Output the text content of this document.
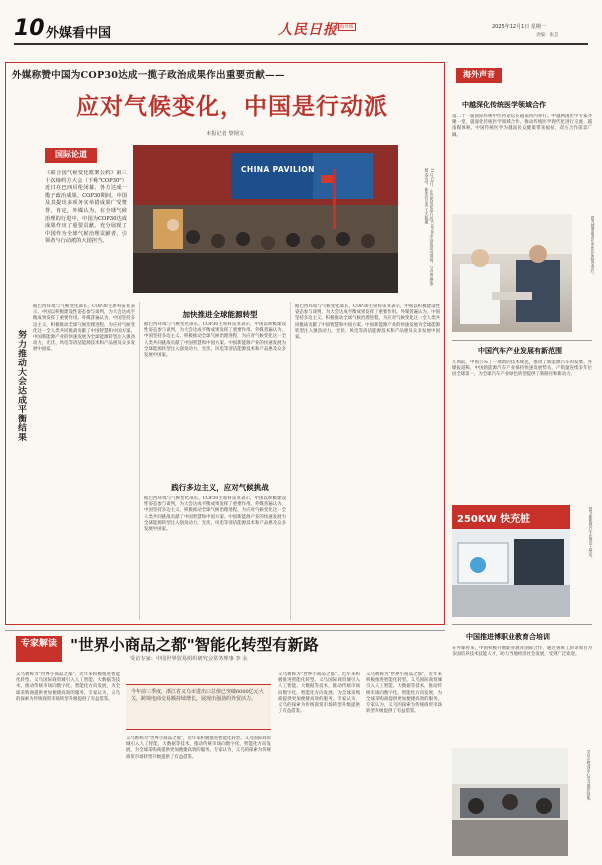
10 外媒看中国	人民日报 海外版	2025年12月1日 星期一
责编：张芸
外媒称赞中国为COP30达成一揽子政治成果作出重要贡献——
应对气候变化，中国是行动派
本报记者 黎钢文
国际论道
《联合国气候变化框架公约》第三十次缔约方大会（下称"COP30"）近日在巴西贝伦闭幕，各方达成一揽子政治成果。COP30期间，中国及其提出多项务实举措成果广受赞誉、肯定，外媒认为，在全球气候治理的行进中，中国为COP30达成成果作出了重要贡献，充分展现了中国作为全球气候治理贡献者、引领者与行动派的大国担当。
CHINA PAVILION	11月13日，在巴西贝伦举行的COP30中国角活动现场，与会者参加相关活动。新华社记者 王天聪摄
努力推动大会达成平衡结果
据巴西环境与气候变化部长、COP30主席科雷亚表示，中国以积极建设性姿态参与谈判，为大会达成平衡成果发挥了重要作用。外媒普遍认为，中国坚持多边主义，积极推动全球气候治理进程，为应对气候变化这一全人类共同挑战贡献了中国智慧和中国方案。中国新能源产业的快速发展为全球能源转型注入强劲动力，光伏、风电等清洁能源技术和产品惠及众多发展中国家。
加快推进全球能源转型
据巴西环境与气候变化部长、COP30主席科雷亚表示，中国以积极建设性姿态参与谈判，为大会达成平衡成果发挥了重要作用。外媒普遍认为，中国坚持多边主义，积极推动全球气候治理进程，为应对气候变化这一全人类共同挑战贡献了中国智慧和中国方案。中国新能源产业的快速发展为全球能源转型注入强劲动力，光伏、风电等清洁能源技术和产品惠及众多发展中国家。
践行多边主义，应对气候挑战
据巴西环境与气候变化部长、COP30主席科雷亚表示，中国以积极建设性姿态参与谈判，为大会达成平衡成果发挥了重要作用。外媒普遍认为，中国坚持多边主义，积极推动全球气候治理进程，为应对气候变化这一全人类共同挑战贡献了中国智慧和中国方案。中国新能源产业的快速发展为全球能源转型注入强劲动力，光伏、风电等清洁能源技术和产品惠及众多发展中国家。
据巴西环境与气候变化部长、COP30主席科雷亚表示，中国以积极建设性姿态参与谈判，为大会达成平衡成果发挥了重要作用。外媒普遍认为，中国坚持多边主义，积极推动全球气候治理进程，为应对气候变化这一全人类共同挑战贡献了中国智慧和中国方案。中国新能源产业的快速发展为全球能源转型注入强劲动力，光伏、风电等清洁能源技术和产品惠及众多发展中国家。
海外声音
中越深化传统医学领域合作
第二十一届国际传统中医药论坛在越南河内举行。中越两国医学专家齐聚一堂，就深化传统医学领域合作、推动传统医学现代化进行交流。越南媒体称，中国传统医学为越南民众健康带来福祉，双方合作前景广阔。
图为越南患者在中医诊所接受治疗。
中国汽车产业发展有新范围
几周前，中国公布了一项新的技术规范，推动了新能源汽车的发展。外媒报道称，中国新能源汽车产业保持快速发展势头，产销量连续多年位居全球第一，为全球汽车产业绿色转型提供了新路径和新动力。
250KW 快充桩	图为新能源汽车在展会上展出。
专家解读 "世界小商品之都"智能化转型有新路
受访专家：中国世界贸易组织研究会常务理事 李 永
义乌被称为"世界小商品之都"，近年来积极推进智能化转型。义乌国际商贸城引入人工智能、大数据等技术，推动传统市场向数字化、智能化方向发展，为全球采购商提供更加便捷高效的服务。专家认为，义乌的探索为传统商贸市场转型升级提供了有益借鉴。
今年前三季度，浙江省义乌市进出口总值已突破6000亿元大关，跨境电商交易额持续增长，展现出强劲的外贸活力。
义乌被称为"世界小商品之都"，近年来积极推进智能化转型。义乌国际商贸城引入人工智能、大数据等技术，推动传统市场向数字化、智能化方向发展，为全球采购商提供更加便捷高效的服务。专家认为，义乌的探索为传统商贸市场转型升级提供了有益借鉴。
义乌被称为"世界小商品之都"，近年来积极推进智能化转型。义乌国际商贸城引入人工智能、大数据等技术，推动传统市场向数字化、智能化方向发展，为全球采购商提供更加便捷高效的服务。专家认为，义乌的探索为传统商贸市场转型升级提供了有益借鉴。
义乌被称为"世界小商品之都"，近年来积极推进智能化转型。义乌国际商贸城引入人工智能、大数据等技术，推动传统市场向数字化、智能化方向发展，为全球采购商提供更加便捷高效的服务。专家认为，义乌的探索为传统商贸市场转型升级提供了有益借鉴。
中国推进博职业教育合培训
在外媒看来，中国积极开展职业教育国际合作，通过鲁班工坊等项目为多国培养技术技能人才，助力当地经济社会发展，受到广泛欢迎。
学员在培训中心学习操作技能。
